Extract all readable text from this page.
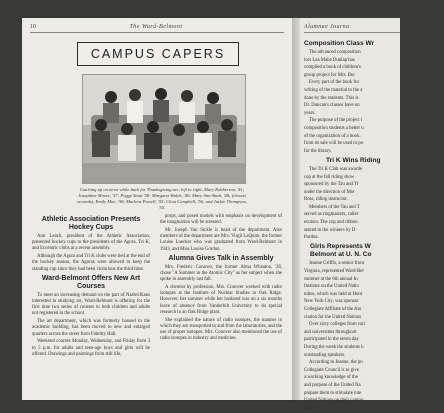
10	The Ward-Belmont
CAMPUS CAPERS
Catching up on news while back for Thanksgiving are, left to right, Mary Robberson, '41; Josephine Moore, '57; Peggy Stout '58; Margaret Walch, '46; Mary Ann Shutt, '48; (closest seconds), Emily Mac, '58; Marlene Powell, '55; Cleta Campbell, '56; and Jackie Thompson, '55.
Athletic Association Presents Hockey Cups

Ann Leach, president of the Athletic Association, presented hockey cups to the presidents of the Agora, Tri K, and Eccentric clubs at a recent assembly.

Although the Agora and Tri K clubs were tied at the end of the hockey season, the Agoras were allowed to keep the standing cup since they had been victorious the third time.

Ward-Belmont Offers New Art Courses

To meet an increasing demand on the part of Nashvillians interested in studying art, Ward-Belmont is offering for the first time two series of courses to both children and adults not registered in the school.

The art department, which was formerly housed in the academic building, has been moved to new and enlarged quarters across the street from Fidelity Hall.

Weekend courses Monday, Wednesday, and Friday from 3 to 5 p.m. for adults and teen-age boys and girls will be offered. Drawings and paintings from still life,

props, and posed models with emphasis on development of the imagination will be stressed.

Mr. Joseph Van Sickle is head of the department. Also members of the department are Mrs. Virgil LaQuire, the former Louise Luecker who was graduated from Ward-Belmont in 1943, and Miss Louise Gordon.

Alumna Gives Talk in Assembly

Mrs. Frederic Conover, the former Alma Wheaton, '28, chose "A Summer in the Atomic City" as her subject when she spoke in assembly last fall.

A chemist by profession, Mrs. Conover worked with radio isotopes at the Institute of Nuclear Studies in Oak Ridge. However, her summer while her husband was on a six months leave of absence from Vanderbilt University to do special research in an Oak Ridge plant.

She explained the nature of radio isotopes, the manner in which they are transported to and from the laboratories, and the use of proper isotopes. Mrs. Conover also mentioned the use of radio isotopes in industry and medicine.

Alumnae Journa
Composition Class Wr

The advanced composition

lors Lea Mabe Dunlap has

compiled a book of children's

group project for Mrs. Bur

Every part of the book fro

writing of the material to the a

done by the students. This is

Dr. Duncan's classes have un

years.

The purpose of the project i

composition students a better u

of the organization of a book.

from its sale will be used to pu

for the library.

Tri K Wins Riding

The Tri K Club was awarde

cup at the fall riding show

sponsored by the Tau and Tr

under the direction of Mor

Ross, riding instructor.

Members of the Tau and T

served as ringmasters, caller

ecutors. The cup and ribbon

sented to the winners by D

Purdue.

Girls Represents W
Belmont at U. N. Co

Jeanne Griffis, a senior from

Virginia, represented Ward-Bel

summer at the 6th annual In

Institute on the United Natio

nities, which was held at Hunt

New York City, was sponsor

Collegiate Affiliate of the Am

ciation for the United Nations

Over sixty colleges from vari

and universities throughout

participated in the seven day

During the week the students h

outstanding speakers.

According to Jeanne, the pu

Collegiate Council is to give

a working knowledge of the

and purpose of the United Na

prepare them to stimulate inte

United Nations on their campu

pusts.
